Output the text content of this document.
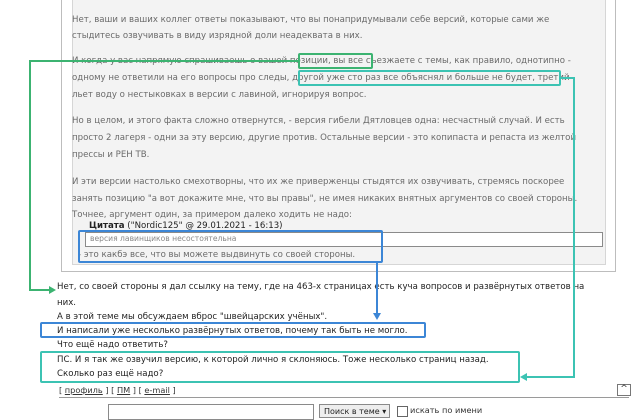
Нет, ваши и ваших коллег ответы показывают, что вы понапридумывали себе версий, которые сами же

стыдитесь озвучивать в виду изрядной доли неадеквата в них.

И когда у вас напрямую спрашиваешь о вашей позиции, вы все съезжаете с темы, как правило, однотипно -

одному не ответили на его вопросы про следы, другой уже сто раз все объяснял и больше не будет, третий

льет воду о нестыковках в версии с лавиной, игнорируя вопрос.

Но в целом, и этого факта сложно отвернутся, - версия гибели Дятловцев одна: несчастный случай. И есть

просто 2 лагеря - одни за эту версию, другие против. Остальные версии - это копипаста и репаста из желтой

прессы и РЕН ТВ.

И эти версии настолько смехотворны, что их же приверженцы стыдятся их озвучивать, стремясь поскорее

занять позицию "а вот докажите мне, что вы правы", не имея никаких внятных аргументов со своей стороны.

Точнее, аргумент один, за примером далеко ходить не надо:

Цитата ("Nordic125" @ 29.01.2021 - 16:13)
версия лавинщиков несостоятельна

- это какбэ все, что вы можете выдвинуть со своей стороны.

Нет, со своей стороны я дал ссылку на тему, где на 463-х страницах есть куча вопросов и развёрнутых ответов на

них.

А в этой теме мы обсуждаем вброс "швейцарских учёных".

И написали уже несколько развёрнутых ответов, почему так быть не могло.

Что ещё надо ответить?

ПС. И я так же озвучил версию, к которой лично я склоняюсь. Тоже несколько страниц назад.

Сколько раз ещё надо?

[ профиль ] [ ПМ ] [ e-mail ]	^
Поиск в теме ▾	искать по имени
